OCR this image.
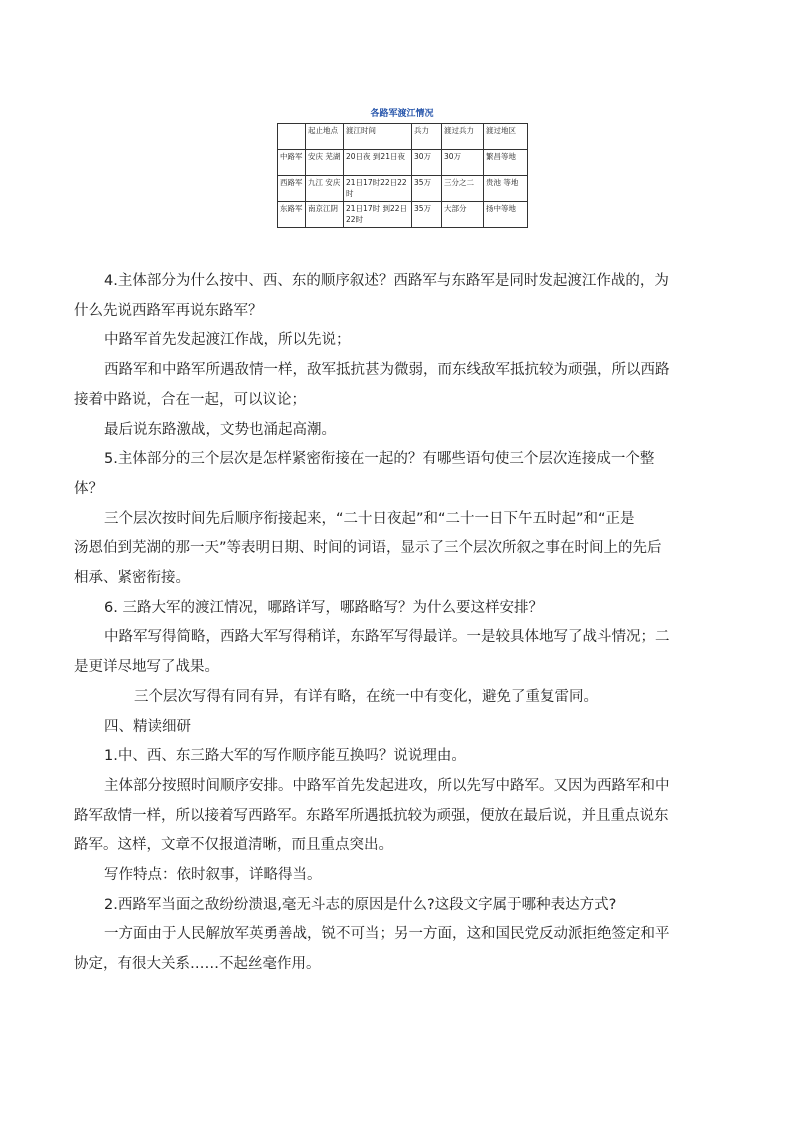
各路军渡江情况
	起止地点	渡江时间	兵力	渡过兵力	渡过地区
中路军	安庆 芜湖	20日夜 到21日夜	30万	30万	繁昌等地
西路军	九江 安庆	21日17时22日22时	35万	三分之二	贵池 等地
东路军	南京江阴	21日17时 到22日22时	35万	大部分	扬中等地

4.主体部分为什么按中、西、东的顺序叙述？西路军与东路军是同时发起渡江作战的，为

什么先说西路军再说东路军？

中路军首先发起渡江作战，所以先说；

西路军和中路军所遇敌情一样，敌军抵抗甚为微弱，而东线敌军抵抗较为顽强，所以西路

接着中路说，合在一起，可以议论；

最后说东路激战，文势也涌起高潮。

5.主体部分的三个层次是怎样紧密衔接在一起的？有哪些语句使三个层次连接成一个整

体？

三个层次按时间先后顺序衔接起来，“二十日夜起”和“二十一日下午五时起”和“正是

汤恩伯到芜湖的那一天”等表明日期、时间的词语，显示了三个层次所叙之事在时间上的先后

相承、紧密衔接。

6. 三路大军的渡江情况，哪路详写，哪路略写？为什么要这样安排？

中路军写得简略，西路大军写得稍详，东路军写得最详。一是较具体地写了战斗情况；二

是更详尽地写了战果。

三个层次写得有同有异，有详有略，在统一中有变化，避免了重复雷同。

四、精读细研

1.中、西、东三路大军的写作顺序能互换吗？说说理由。

主体部分按照时间顺序安排。中路军首先发起进攻，所以先写中路军。又因为西路军和中

路军敌情一样，所以接着写西路军。东路军所遇抵抗较为顽强，便放在最后说，并且重点说东

路军。这样，文章不仅报道清晰，而且重点突出。

写作特点：依时叙事，详略得当。

2.西路军当面之敌纷纷溃退,毫无斗志的原因是什么?这段文字属于哪种表达方式?

一方面由于人民解放军英勇善战，锐不可当；另一方面，这和国民党反动派拒绝签定和平

协定，有很大关系……不起丝毫作用。
